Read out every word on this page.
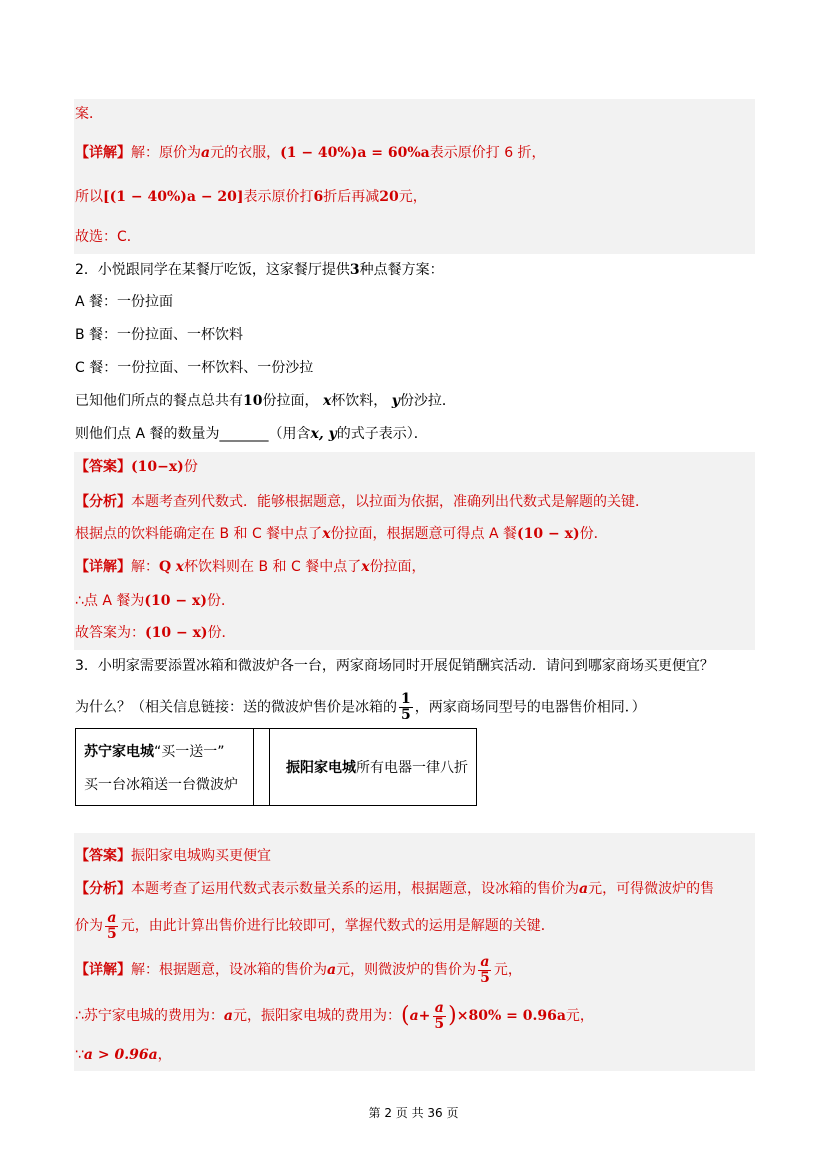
案．
【详解】解：原价为a元的衣服，(1 − 40%)a = 60%a表示原价打 6 折，
所以[(1 − 40%)a − 20]表示原价打6折后再减20元，
故选：C．
2．小悦跟同学在某餐厅吃饭，这家餐厅提供3种点餐方案：
A 餐：一份拉面
B 餐：一份拉面、一杯饮料
C 餐：一份拉面、一杯饮料、一份沙拉
已知他们所点的餐点总共有10份拉面， x杯饮料， y份沙拉．
则他们点 A 餐的数量为_______（用含x, y的式子表示）．
【答案】(10−x)份
【分析】本题考查列代数式．能够根据题意，以拉面为依据，准确列出代数式是解题的关键．
根据点的饮料能确定在 B 和 C 餐中点了x份拉面，根据题意可得点 A 餐(10 − x)份．
【详解】解：Q x杯饮料则在 B 和 C 餐中点了x份拉面，
∴点 A 餐为(10 − x)份．
故答案为：(10 − x)份．
3．小明家需要添置冰箱和微波炉各一台，两家商场同时开展促销酬宾活动．请问到哪家商场买更便宜？
为什么？（相关信息链接：送的微波炉售价是冰箱的 $\frac{1}{5}$ ，两家商场同型号的电器售价相同．）
苏宁家电城“买一送一”
买一台冰箱送一台微波炉
振阳家电城所有电器一律八折
【答案】振阳家电城购买更便宜
【分析】本题考查了运用代数式表示数量关系的运用，根据题意，设冰箱的售价为a元，可得微波炉的售
价为 $\frac{a}{5}$ 元，由此计算出售价进行比较即可，掌握代数式的运用是解题的关键．
【详解】解：根据题意，设冰箱的售价为a元，则微波炉的售价为 $\frac{a}{5}$ 元，
∴苏宁家电城的费用为：a元，振阳家电城的费用为：$(a+ \frac{a}{5} )\times 80\% = 0.96a$元，
∵a > 0.96a，
第 2 页 共 36 页
